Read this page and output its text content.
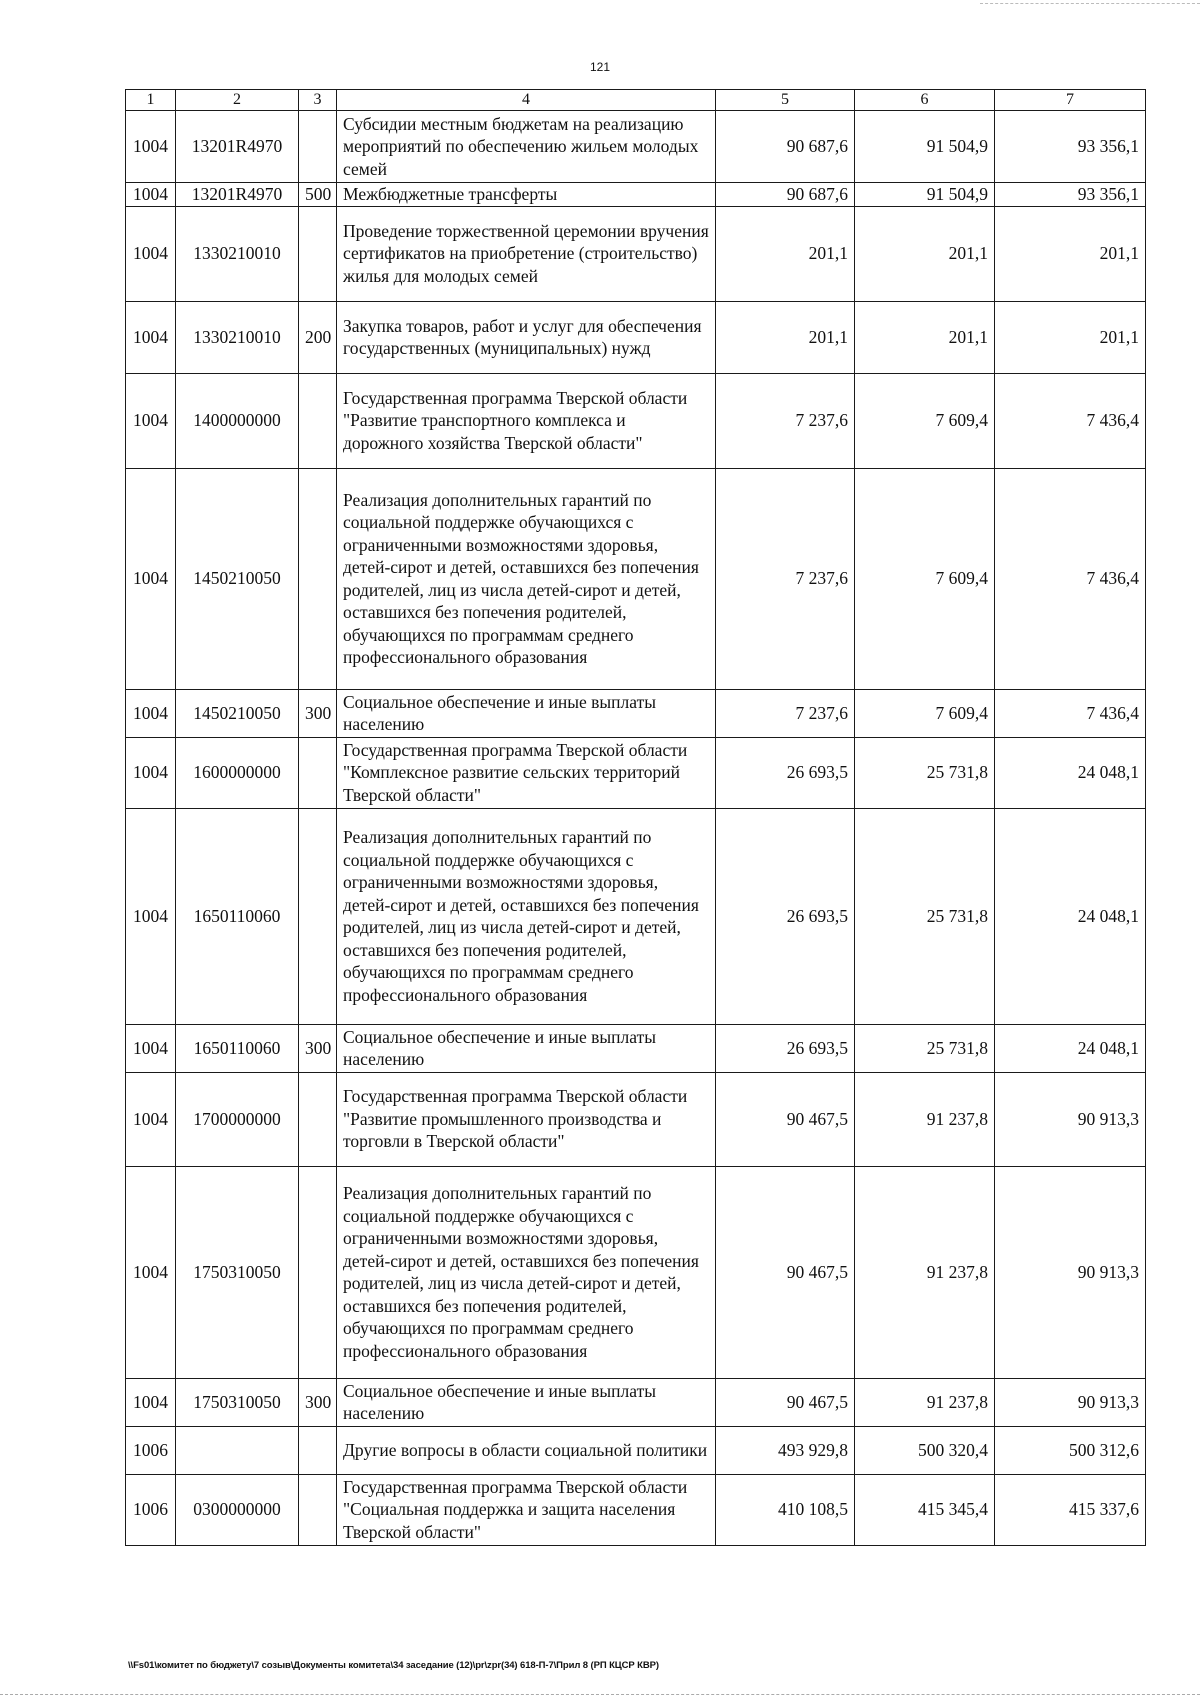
121
1	2	3	4	5	6	7
1004	13201R4970		Субсидии местным бюджетам на реализацию мероприятий по обеспечению жильем молодых семей	90 687,6	91 504,9	93 356,1
1004	13201R4970	500	Межбюджетные трансферты	90 687,6	91 504,9	93 356,1
1004	1330210010		Проведение торжественной церемонии вручения сертификатов на приобретение (строительство) жилья для молодых семей	201,1	201,1	201,1
1004	1330210010	200	Закупка товаров, работ и услуг для обеспечения государственных (муниципальных) нужд	201,1	201,1	201,1
1004	1400000000		Государственная программа Тверской области "Развитие транспортного комплекса и дорожного хозяйства Тверской области"	7 237,6	7 609,4	7 436,4
1004	1450210050		Реализация дополнительных гарантий по социальной поддержке обучающихся с ограниченными возможностями здоровья, детей-сирот и детей, оставшихся без попечения родителей, лиц из числа детей-сирот и детей, оставшихся без попечения родителей, обучающихся по программам среднего профессионального образования	7 237,6	7 609,4	7 436,4
1004	1450210050	300	Социальное обеспечение и иные выплаты населению	7 237,6	7 609,4	7 436,4
1004	1600000000		Государственная программа Тверской области "Комплексное развитие сельских территорий Тверской области"	26 693,5	25 731,8	24 048,1
1004	1650110060		Реализация дополнительных гарантий по социальной поддержке обучающихся с ограниченными возможностями здоровья, детей-сирот и детей, оставшихся без попечения родителей, лиц из числа детей-сирот и детей, оставшихся без попечения родителей, обучающихся по программам среднего профессионального образования	26 693,5	25 731,8	24 048,1
1004	1650110060	300	Социальное обеспечение и иные выплаты населению	26 693,5	25 731,8	24 048,1
1004	1700000000		Государственная программа Тверской области "Развитие промышленного производства и торговли в Тверской области"	90 467,5	91 237,8	90 913,3
1004	1750310050		Реализация дополнительных гарантий по социальной поддержке обучающихся с ограниченными возможностями здоровья, детей-сирот и детей, оставшихся без попечения родителей, лиц из числа детей-сирот и детей, оставшихся без попечения родителей, обучающихся по программам среднего профессионального образования	90 467,5	91 237,8	90 913,3
1004	1750310050	300	Социальное обеспечение и иные выплаты населению	90 467,5	91 237,8	90 913,3
1006			Другие вопросы в области социальной политики	493 929,8	500 320,4	500 312,6
1006	0300000000		Государственная программа Тверской области "Социальная поддержка и защита населения Тверской области"	410 108,5	415 345,4	415 337,6
\\Fs01\комитет по бюджету\7 созыв\Документы комитета\34 заседание (12)\pr\zpr(34) 618-П-7\Прил 8 (РП КЦСР КВР)
